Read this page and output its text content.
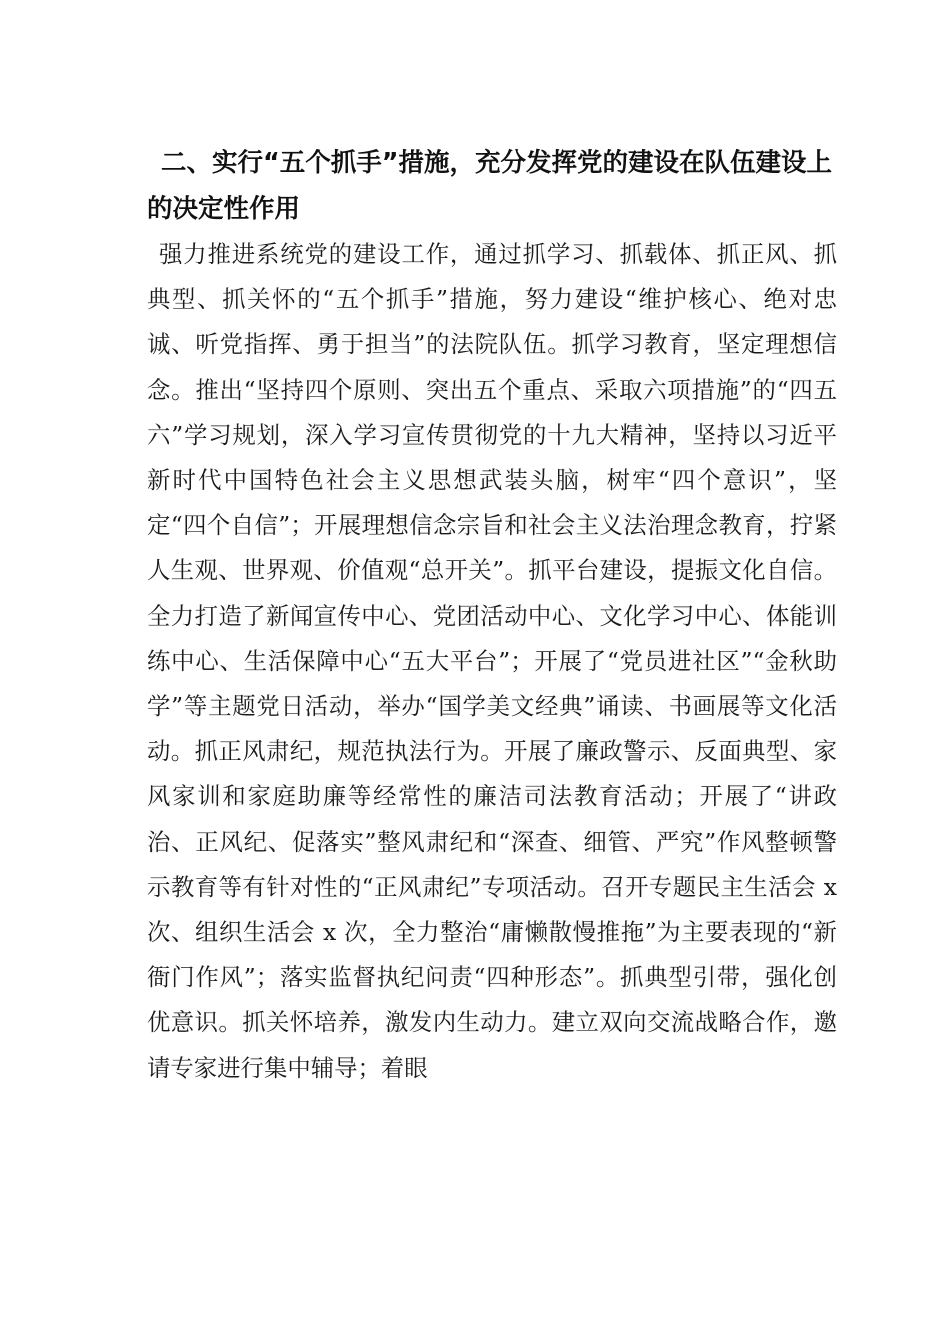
二、实行“五个抓手”措施，充分发挥党的建设在队伍建设上的决定性作用

强力推进系统党的建设工作，通过抓学习、抓载体、抓正风、抓典型、抓关怀的“五个抓手”措施，努力建设“维护核心、绝对忠诚、听党指挥、勇于担当”的法院队伍。抓学习教育，坚定理想信念。推出“坚持四个原则、突出五个重点、采取六项措施”的“四五六”学习规划，深入学习宣传贯彻党的十九大精神，坚持以习近平新时代中国特色社会主义思想武装头脑，树牢“四个意识”，坚定“四个自信”；开展理想信念宗旨和社会主义法治理念教育，拧紧人生观、世界观、价值观“总开关”。抓平台建设，提振文化自信。全力打造了新闻宣传中心、党团活动中心、文化学习中心、体能训练中心、生活保障中心“五大平台”；开展了“党员进社区”“金秋助学”等主题党日活动，举办“国学美文经典”诵读、书画展等文化活动。抓正风肃纪，规范执法行为。开展了廉政警示、反面典型、家风家训和家庭助廉等经常性的廉洁司法教育活动；开展了“讲政治、正风纪、促落实”整风肃纪和“深查、细管、严究”作风整顿警示教育等有针对性的“正风肃纪”专项活动。召开专题民主生活会 x 次、组织生活会 x 次，全力整治“庸懒散慢推拖”为主要表现的“新衙门作风”；落实监督执纪问责“四种形态”。抓典型引带，强化创优意识。抓关怀培养，激发内生动力。建立双向交流战略合作，邀请专家进行集中辅导；着眼
